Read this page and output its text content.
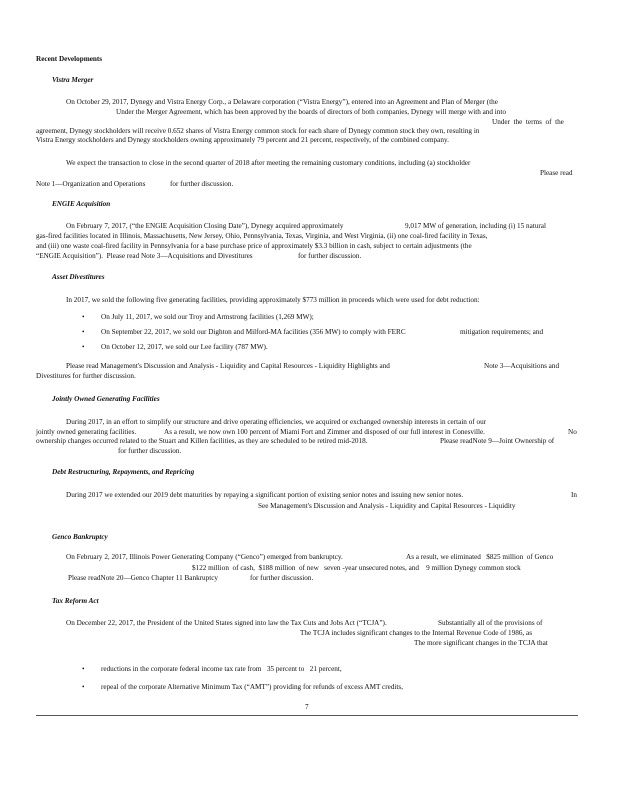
Recent Developments
Vistra Merger
On October 29, 2017, Dynegy and Vistra Energy Corp., a Delaware corporation (“Vistra Energy”), entered into an Agreement and Plan of Merger (the
Under the Merger Agreement, which has been approved by the boards of directors of both companies, Dynegy will merge with and into
Under  the  terms  of  the
agreement, Dynegy stockholders will receive 0.652 shares of Vistra Energy common stock for each share of Dynegy common stock they own, resulting in
Vistra Energy stockholders and Dynegy stockholders owning approximately 79 percent and 21 percent, respectively, of the combined company.
We expect the transaction to close in the second quarter of 2018 after meeting the remaining customary conditions, including (a) stockholder
Please read
Note 1—Organization and Operations	for further discussion.
ENGIE Acquisition
On February 7, 2017, (“the ENGIE Acquisition Closing Date”), Dynegy acquired approximately	9,017 MW of generation, including (i) 15 natural
gas-fired facilities located in Illinois, Massachusetts, New Jersey, Ohio, Pennsylvania, Texas, Virginia, and West Virginia, (ii) one coal-fired facility in Texas,
and (iii) one waste coal-fired facility in Pennsylvania for a base purchase price of approximately $3.3 billion in cash, subject to certain adjustments (the
“ENGIE Acquisition”).  Please read Note 3—Acquisitions and Divestitures	for further discussion.
Asset Divestitures
In 2017, we sold the following five generating facilities, providing approximately $773 million in proceeds which were used for debt reduction:
• On July 11, 2017, we sold our Troy and Armstrong facilities (1,269 MW);
• On September 22, 2017, we sold our Dighton and Milford-MA facilities (356 MW) to comply with FERC	mitigation requirements; and
• On October 12, 2017, we sold our Lee facility (787 MW).
Please read Management's Discussion and Analysis - Liquidity and Capital Resources - Liquidity Highlights and	Note 3—Acquisitions and
Divestitures for further discussion.
Jointly Owned Generating Facilities
During 2017, in an effort to simplify our structure and drive operating efficiencies, we acquired or exchanged ownership interests in certain of our
jointly owned generating facilities.	As a result, we now own 100 percent of Miami Fort and Zimmer and disposed of our full interest in Conesville.	No
ownership changes occurred related to the Stuart and Killen facilities, as they are scheduled to be retired mid-2018.	Please readNote 9—Joint Ownership of
for further discussion.
Debt Restructuring, Repayments, and Repricing
During 2017 we extended our 2019 debt maturities by repaying a significant portion of existing senior notes and issuing new senior notes.	In
See Management's Discussion and Analysis - Liquidity and Capital Resources - Liquidity
Genco Bankruptcy
On February 2, 2017, Illinois Power Generating Company (“Genco”) emerged from bankruptcy.	As a result, we eliminated   $825 million  of Genco
$122 million  of cash,  $188 million  of new   seven -year unsecured notes, and    9 million Dynegy common stock
Please readNote 20—Genco Chapter 11 Bankruptcy	for further discussion.
Tax Reform Act
On December 22, 2017, the President of the United States signed into law the Tax Cuts and Jobs Act (“TCJA”).	Substantially all of the provisions of
The TCJA includes significant changes to the Internal Revenue Code of 1986, as
The more significant changes in the TCJA that
• reductions in the corporate federal income tax rate from   35 percent to   21 percent,
• repeal of the corporate Alternative Minimum Tax (“AMT”) providing for refunds of excess AMT credits,
7
